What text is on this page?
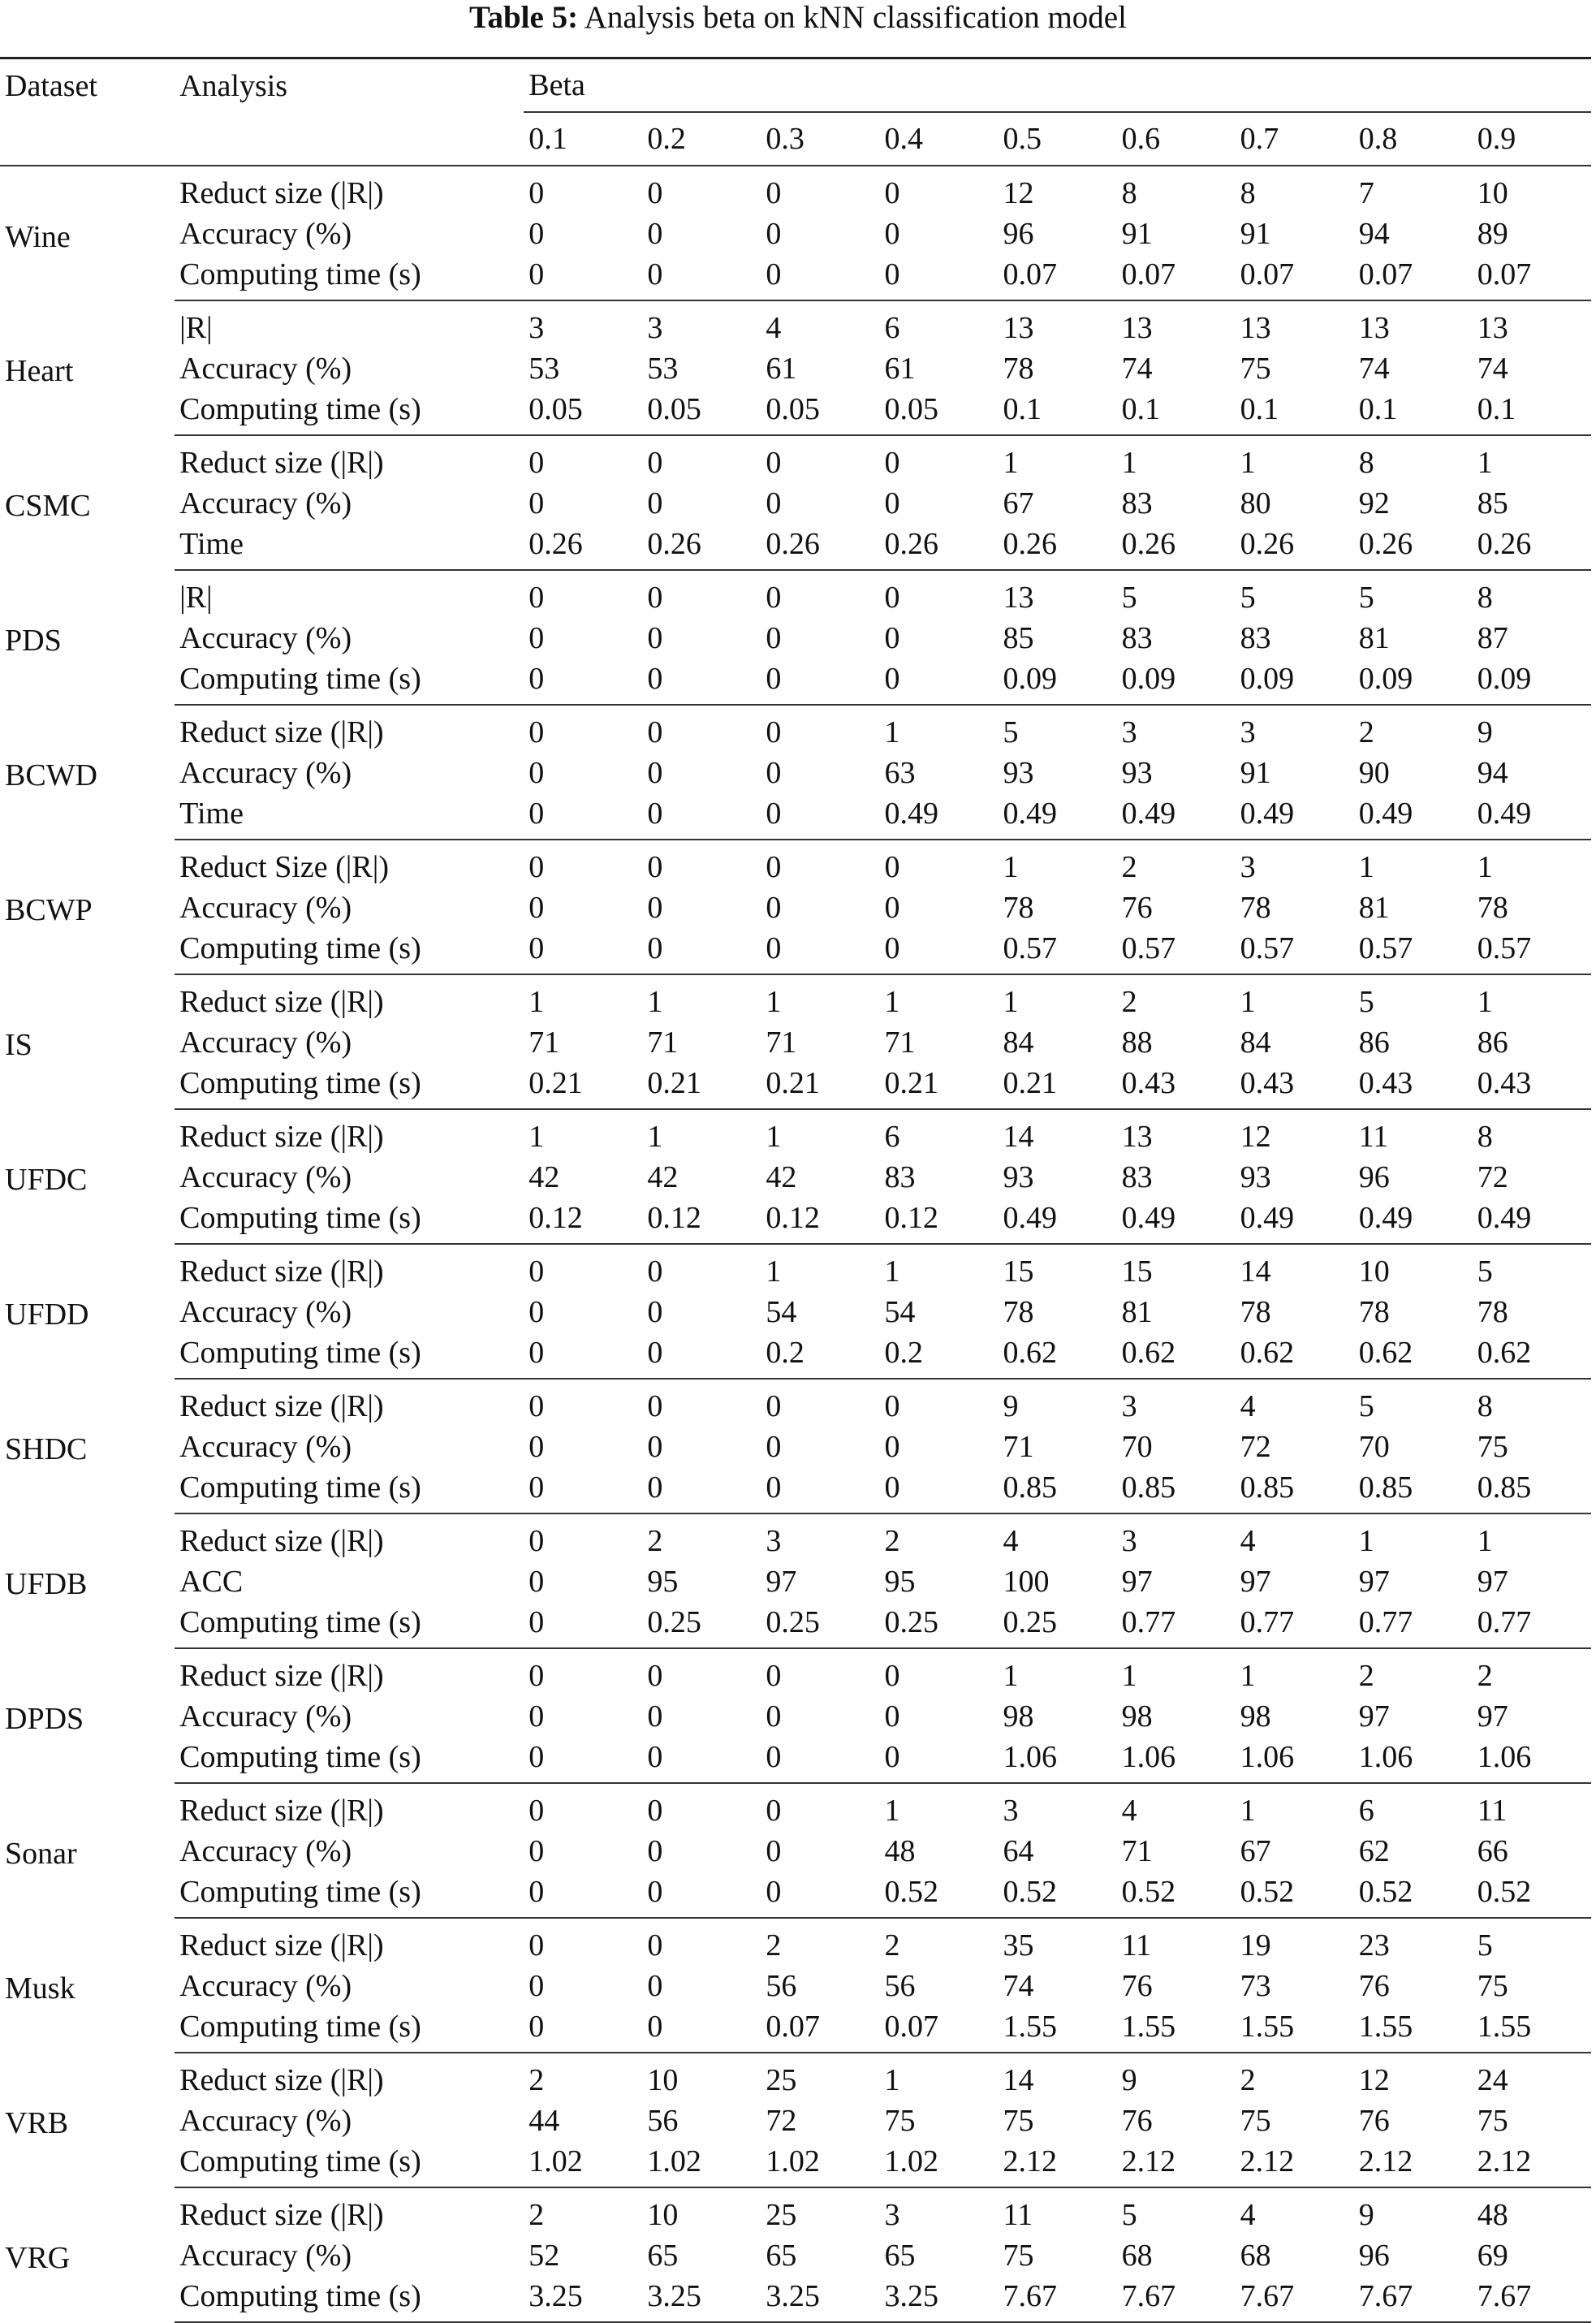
Table 5: Analysis beta on kNN classification model
Dataset	Analysis	Beta								
		0.1	0.2	0.3	0.4	0.5	0.6	0.7	0.8	0.9
Wine	Reduct size (|R|)	0	0	0	0	12	8	8	7	10
	Accuracy (%)	0	0	0	0	96	91	91	94	89
	Computing time (s)	0	0	0	0	0.07	0.07	0.07	0.07	0.07
Heart	|R|	3	3	4	6	13	13	13	13	13
	Accuracy (%)	53	53	61	61	78	74	75	74	74
	Computing time (s)	0.05	0.05	0.05	0.05	0.1	0.1	0.1	0.1	0.1
CSMC	Reduct size (|R|)	0	0	0	0	1	1	1	8	1
	Accuracy (%)	0	0	0	0	67	83	80	92	85
	Time	0.26	0.26	0.26	0.26	0.26	0.26	0.26	0.26	0.26
PDS	|R|	0	0	0	0	13	5	5	5	8
	Accuracy (%)	0	0	0	0	85	83	83	81	87
	Computing time (s)	0	0	0	0	0.09	0.09	0.09	0.09	0.09
BCWD	Reduct size (|R|)	0	0	0	1	5	3	3	2	9
	Accuracy (%)	0	0	0	63	93	93	91	90	94
	Time	0	0	0	0.49	0.49	0.49	0.49	0.49	0.49
BCWP	Reduct Size (|R|)	0	0	0	0	1	2	3	1	1
	Accuracy (%)	0	0	0	0	78	76	78	81	78
	Computing time (s)	0	0	0	0	0.57	0.57	0.57	0.57	0.57
IS	Reduct size (|R|)	1	1	1	1	1	2	1	5	1
	Accuracy (%)	71	71	71	71	84	88	84	86	86
	Computing time (s)	0.21	0.21	0.21	0.21	0.21	0.43	0.43	0.43	0.43
UFDC	Reduct size (|R|)	1	1	1	6	14	13	12	11	8
	Accuracy (%)	42	42	42	83	93	83	93	96	72
	Computing time (s)	0.12	0.12	0.12	0.12	0.49	0.49	0.49	0.49	0.49
UFDD	Reduct size (|R|)	0	0	1	1	15	15	14	10	5
	Accuracy (%)	0	0	54	54	78	81	78	78	78
	Computing time (s)	0	0	0.2	0.2	0.62	0.62	0.62	0.62	0.62
SHDC	Reduct size (|R|)	0	0	0	0	9	3	4	5	8
	Accuracy (%)	0	0	0	0	71	70	72	70	75
	Computing time (s)	0	0	0	0	0.85	0.85	0.85	0.85	0.85
UFDB	Reduct size (|R|)	0	2	3	2	4	3	4	1	1
	ACC	0	95	97	95	100	97	97	97	97
	Computing time (s)	0	0.25	0.25	0.25	0.25	0.77	0.77	0.77	0.77
DPDS	Reduct size (|R|)	0	0	0	0	1	1	1	2	2
	Accuracy (%)	0	0	0	0	98	98	98	97	97
	Computing time (s)	0	0	0	0	1.06	1.06	1.06	1.06	1.06
Sonar	Reduct size (|R|)	0	0	0	1	3	4	1	6	11
	Accuracy (%)	0	0	0	48	64	71	67	62	66
	Computing time (s)	0	0	0	0.52	0.52	0.52	0.52	0.52	0.52
Musk	Reduct size (|R|)	0	0	2	2	35	11	19	23	5
	Accuracy (%)	0	0	56	56	74	76	73	76	75
	Computing time (s)	0	0	0.07	0.07	1.55	1.55	1.55	1.55	1.55
VRB	Reduct size (|R|)	2	10	25	1	14	9	2	12	24
	Accuracy (%)	44	56	72	75	75	76	75	76	75
	Computing time (s)	1.02	1.02	1.02	1.02	2.12	2.12	2.12	2.12	2.12
VRG	Reduct size (|R|)	2	10	25	3	11	5	4	9	48
	Accuracy (%)	52	65	65	65	75	68	68	96	69
	Computing time (s)	3.25	3.25	3.25	3.25	7.67	7.67	7.67	7.67	7.67
